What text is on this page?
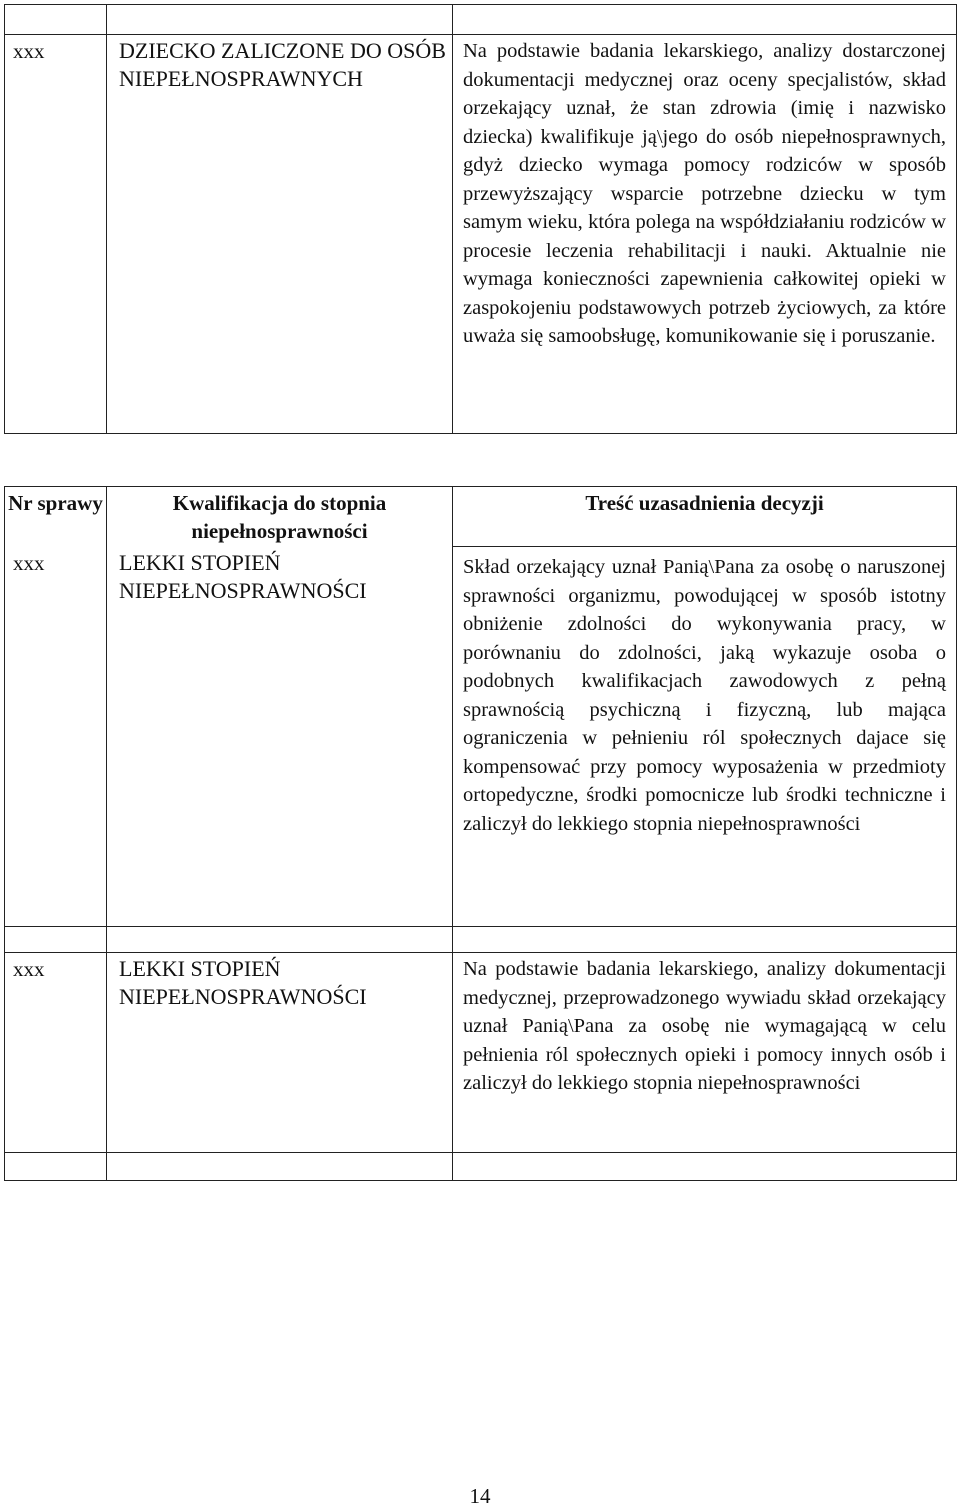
xxx	DZIECKO ZALICZONE DO OSÓB NIEPEŁNOSPRAWNYCH	Na podstawie badania lekarskiego, analizy dostarczonej dokumentacji medycznej oraz oceny specjalistów, skład orzekający uznał, że stan zdrowia (imię i nazwisko dziecka) kwalifikuje ją\jego do osób niepełnosprawnych, gdyż dziecko wymaga pomocy rodziców w sposób przewyższający wsparcie potrzebne dziecku w tym samym wieku, która polega na współdziałaniu rodziców w procesie leczenia rehabilitacji i nauki. Aktualnie nie wymaga konieczności zapewnienia całkowitej opieki w zaspokojeniu podstawowych potrzeb życiowych, za które uważa się samoobsługę, komunikowanie się i poruszanie.
Nr sprawy	Kwalifikacja do stopnia niepełnosprawności	Treść uzasadnienia decyzji
xxx	LEKKI STOPIEŃ NIEPEŁNOSPRAWNOŚCI	Skład orzekający uznał Panią\Pana za osobę o naruszonej sprawności organizmu, powodującej w sposób istotny obniżenie zdolności do wykonywania pracy, w porównaniu do zdolności, jaką wykazuje osoba o podobnych kwalifikacjach zawodowych z pełną sprawnością psychiczną i fizyczną, lub mająca ograniczenia w pełnieniu ról społecznych dajace się kompensować przy pomocy wyposażenia w przedmioty ortopedyczne, środki pomocnicze lub środki techniczne i zaliczył do lekkiego stopnia niepełnosprawności

xxx	LEKKI STOPIEŃ NIEPEŁNOSPRAWNOŚCI	Na podstawie badania lekarskiego, analizy dokumentacji medycznej, przeprowadzonego wywiadu skład orzekający uznał Panią\Pana za osobę nie wymagającą w celu pełnienia ról społecznych opieki i pomocy innych osób i zaliczył do lekkiego stopnia niepełnosprawności

14
